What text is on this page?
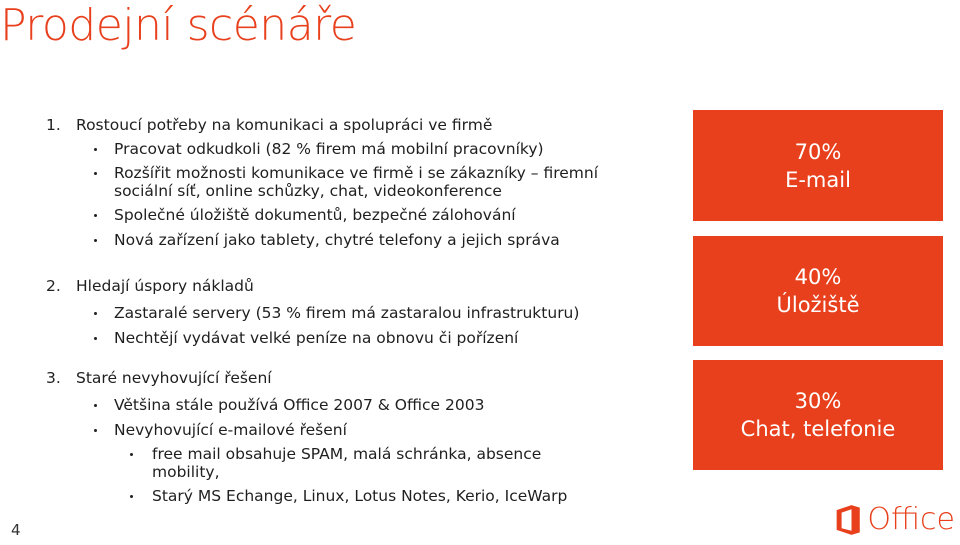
Prodejní scénáře
1. Rostoucí potřeby na komunikaci a spolupráci ve firmě
Pracovat odkudkoli (82 % firem má mobilní pracovníky)
Rozšířit možnosti komunikace ve firmě i se zákazníky – firemní
sociální síť, online schůzky, chat, videokonference
Společné úložiště dokumentů, bezpečné zálohování
Nová zařízení jako tablety, chytré telefony a jejich správa
2. Hledají úspory nákladů
Zastaralé servery (53 % firem má zastaralou infrastrukturu)
Nechtějí vydávat velké peníze na obnovu či pořízení
3. Staré nevyhovující řešení
Většina stále používá Office 2007 & Office 2003
Nevyhovující e-mailové řešení
free mail obsahuje SPAM, malá schránka, absence
mobility,
Starý MS Echange, Linux, Lotus Notes, Kerio, IceWarp
70%
E-mail
40%
Úložiště
30%
Chat, telefonie
4	Office
